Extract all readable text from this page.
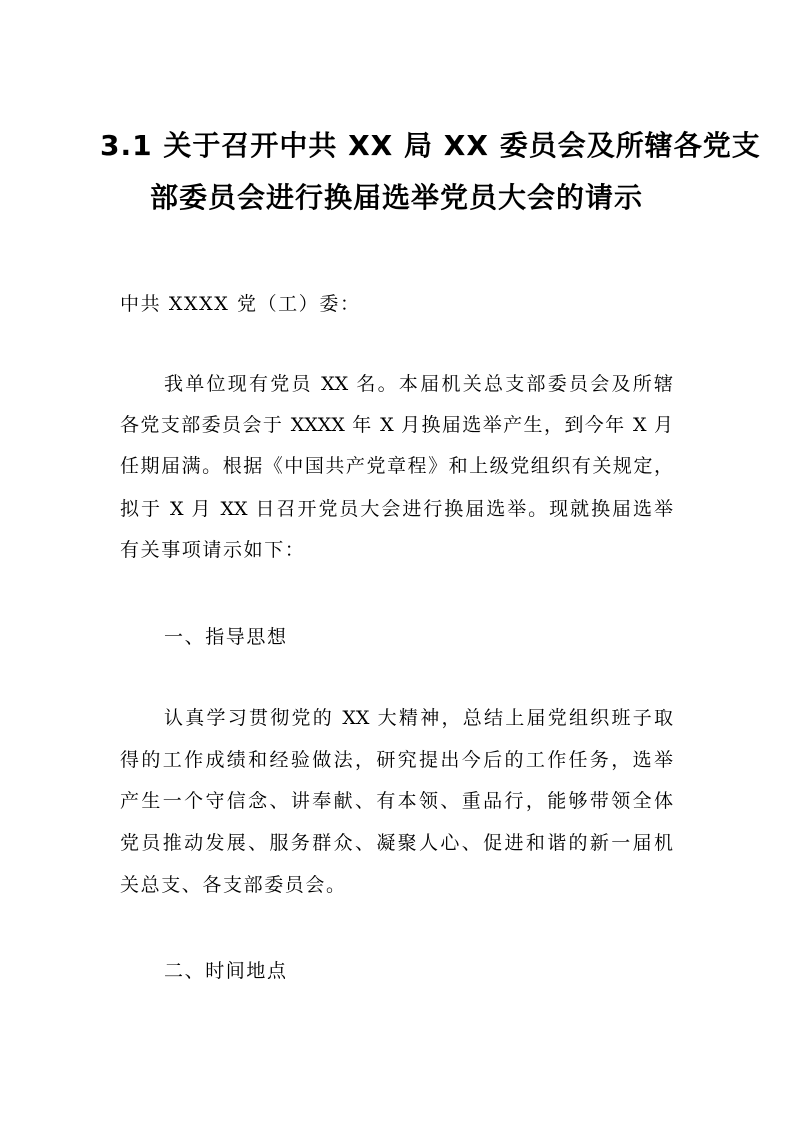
3.1 关于召开中共 XX 局 XX 委员会及所辖各党支
部委员会进行换届选举党员大会的请示
中共 XXXX 党（工）委：
我单位现有党员 XX 名。本届机关总支部委员会及所辖
各党支部委员会于 XXXX 年 X 月换届选举产生，到今年 X 月
任期届满。根据《中国共产党章程》和上级党组织有关规定，
拟于 X 月 XX 日召开党员大会进行换届选举。现就换届选举
有关事项请示如下：
一、指导思想
认真学习贯彻党的 XX 大精神，总结上届党组织班子取
得的工作成绩和经验做法，研究提出今后的工作任务，选举
产生一个守信念、讲奉献、有本领、重品行，能够带领全体
党员推动发展、服务群众、凝聚人心、促进和谐的新一届机
关总支、各支部委员会。
二、时间地点
